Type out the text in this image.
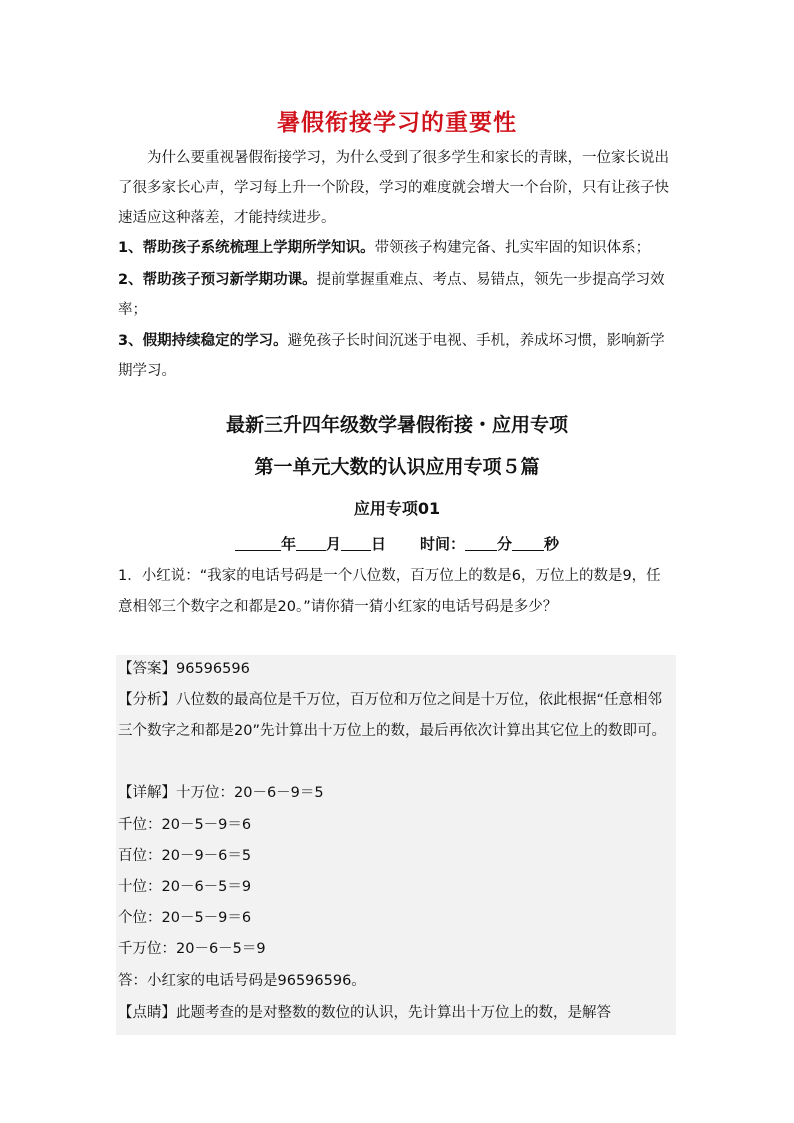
暑假衔接学习的重要性
为什么要重视暑假衔接学习，为什么受到了很多学生和家长的青睐，一位家长说出了很多家长心声，学习每上升一个阶段，学习的难度就会增大一个台阶，只有让孩子快速适应这种落差，才能持续进步。
1、帮助孩子系统梳理上学期所学知识。带领孩子构建完备、扎实牢固的知识体系；
2、帮助孩子预习新学期功课。提前掌握重难点、考点、易错点，领先一步提高学习效率；
3、假期持续稳定的学习。避免孩子长时间沉迷于电视、手机，养成坏习惯，影响新学期学习。
最新三升四年级数学暑假衔接・应用专项
第一单元大数的认识应用专项５篇
应用专项01
年 月 日 时间： 分 秒
1．小红说：“我家的电话号码是一个八位数，百万位上的数是6，万位上的数是9，任意相邻三个数字之和都是20。”请你猜一猜小红家的电话号码是多少？
【答案】96596596
【分析】八位数的最高位是千万位，百万位和万位之间是十万位，依此根据“任意相邻三个数字之和都是20”先计算出十万位上的数，最后再依次计算出其它位上的数即可。
【详解】十万位：20－6－9＝5
千位：20－5－9＝6
百位：20－9－6＝5
十位：20－6－5＝9
个位：20－5－9＝6
千万位：20－6－5＝9
答：小红家的电话号码是96596596。
【点睛】此题考查的是对整数的数位的认识，先计算出十万位上的数，是解答
